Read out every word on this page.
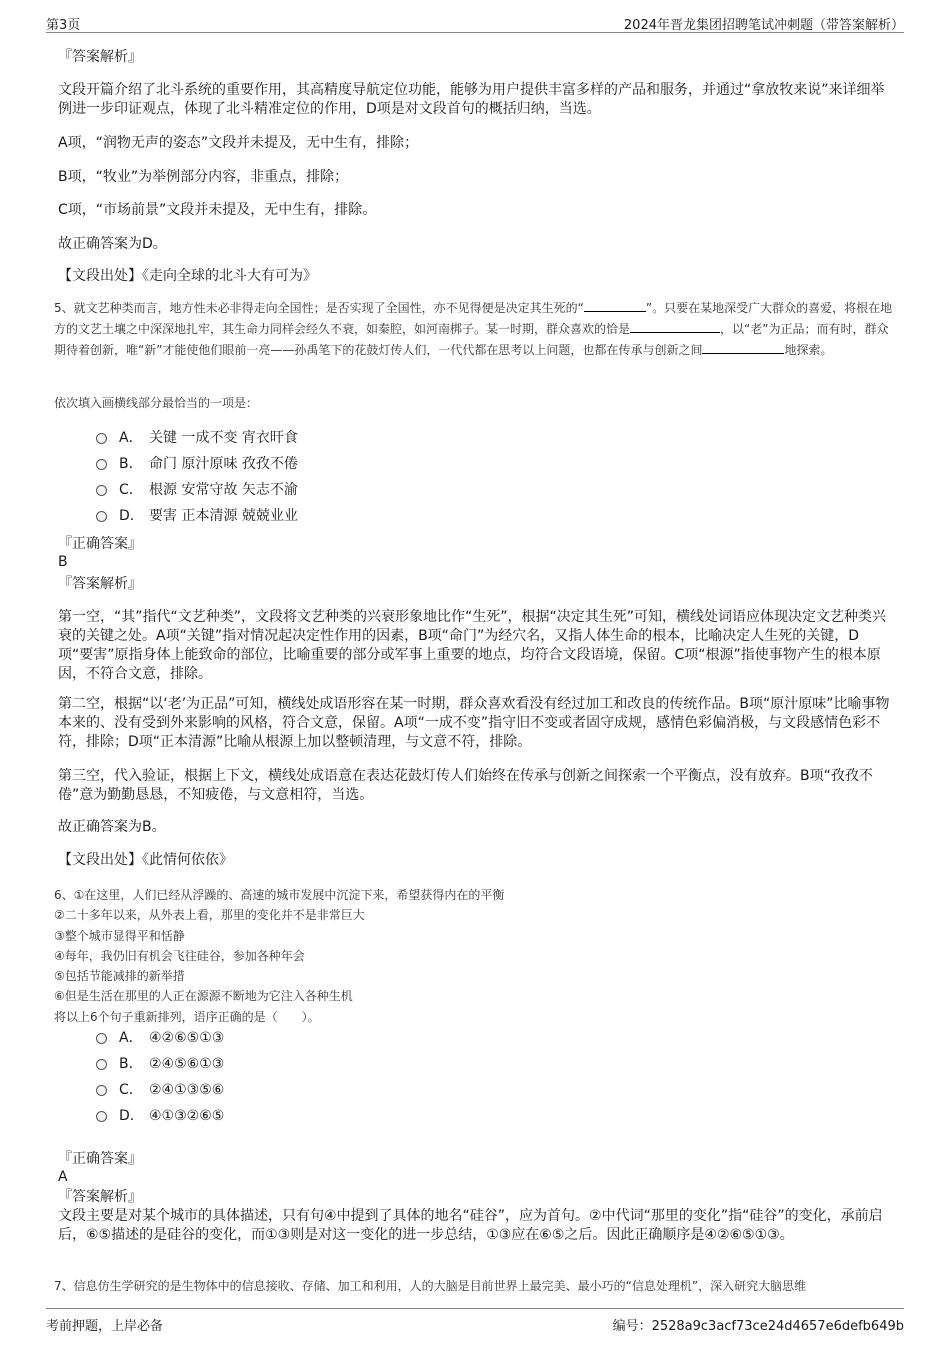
第3页	2024年晋龙集团招聘笔试冲刺题（带答案解析）
『答案解析』
文段开篇介绍了北斗系统的重要作用，其高精度导航定位功能，能够为用户提供丰富多样的产品和服务，并通过“拿放牧来说”来详细举例进一步印证观点，体现了北斗精准定位的作用，D项是对文段首句的概括归纳，当选。
A项，“润物无声的姿态”文段并未提及，无中生有，排除；
B项，“牧业”为举例部分内容，非重点，排除；
C项，“市场前景”文段并未提及，无中生有，排除。
故正确答案为D。
【文段出处】《走向全球的北斗大有可为》
5、就文艺种类而言，地方性未必非得走向全国性；是否实现了全国性，亦不见得便是决定其生死的“	”。只要在某地深受广大群众的喜爱，将根在地方的文艺土壤之中深深地扎牢，其生命力同样会经久不衰，如秦腔，如河南梆子。某一时期，群众喜欢的恰是	，以“老”为正品；而有时，群众期待着创新，唯“新”才能使他们眼前一亮——孙禹笔下的花鼓灯传人们，一代代都在思考以上问题，也都在传承与创新之间	地探索。
依次填入画横线部分最恰当的一项是：
A． 关键 一成不变 宵衣旰食
B． 命门 原汁原味 孜孜不倦
C． 根源 安常守故 矢志不渝
D． 要害 正本清源 兢兢业业
『正确答案』
B
『答案解析』
第一空，“其”指代“文艺种类”，文段将文艺种类的兴衰形象地比作“生死”，根据“决定其生死”可知，横线处词语应体现决定文艺种类兴衰的关键之处。A项“关键”指对情况起决定性作用的因素，B项“命门”为经穴名，又指人体生命的根本，比喻决定人生死的关键，D项“要害”原指身体上能致命的部位，比喻重要的部分或军事上重要的地点，均符合文段语境，保留。C项“根源”指使事物产生的根本原因，不符合文意，排除。
第二空，根据“以‘老’为正品”可知，横线处成语形容在某一时期，群众喜欢看没有经过加工和改良的传统作品。B项“原汁原味”比喻事物本来的、没有受到外来影响的风格，符合文意，保留。A项“一成不变”指守旧不变或者固守成规，感情色彩偏消极，与文段感情色彩不符，排除；D项“正本清源”比喻从根源上加以整顿清理，与文意不符，排除。
第三空，代入验证，根据上下文，横线处成语意在表达花鼓灯传人们始终在传承与创新之间探索一个平衡点，没有放弃。B项“孜孜不倦”意为勤勤恳恳，不知疲倦，与文意相符，当选。
故正确答案为B。
【文段出处】《此情何依依》
6、①在这里，人们已经从浮躁的、高速的城市发展中沉淀下来，希望获得内在的平衡
②二十多年以来，从外表上看，那里的变化并不是非常巨大
③整个城市显得平和恬静
④每年，我仍旧有机会飞往硅谷，参加各种年会
⑤包括节能减排的新举措
⑥但是生活在那里的人正在源源不断地为它注入各种生机
将以上6个句子重新排列，语序正确的是（　　）。
A． ④②⑥⑤①③
B． ②④⑤⑥①③
C． ②④①③⑤⑥
D． ④①③②⑥⑤
『正确答案』
A
『答案解析』
文段主要是对某个城市的具体描述，只有句④中提到了具体的地名“硅谷”，应为首句。②中代词“那里的变化”指“硅谷”的变化，承前启后，⑥⑤描述的是硅谷的变化，而①③则是对这一变化的进一步总结，①③应在⑥⑤之后。因此正确顺序是④②⑥⑤①③。
7、信息仿生学研究的是生物体中的信息接收、存储、加工和利用，人的大脑是目前世界上最完美、最小巧的“信息处理机”，深入研究大脑思维
考前押题，上岸必备	编号：2528a9c3acf73ce24d4657e6defb649b
